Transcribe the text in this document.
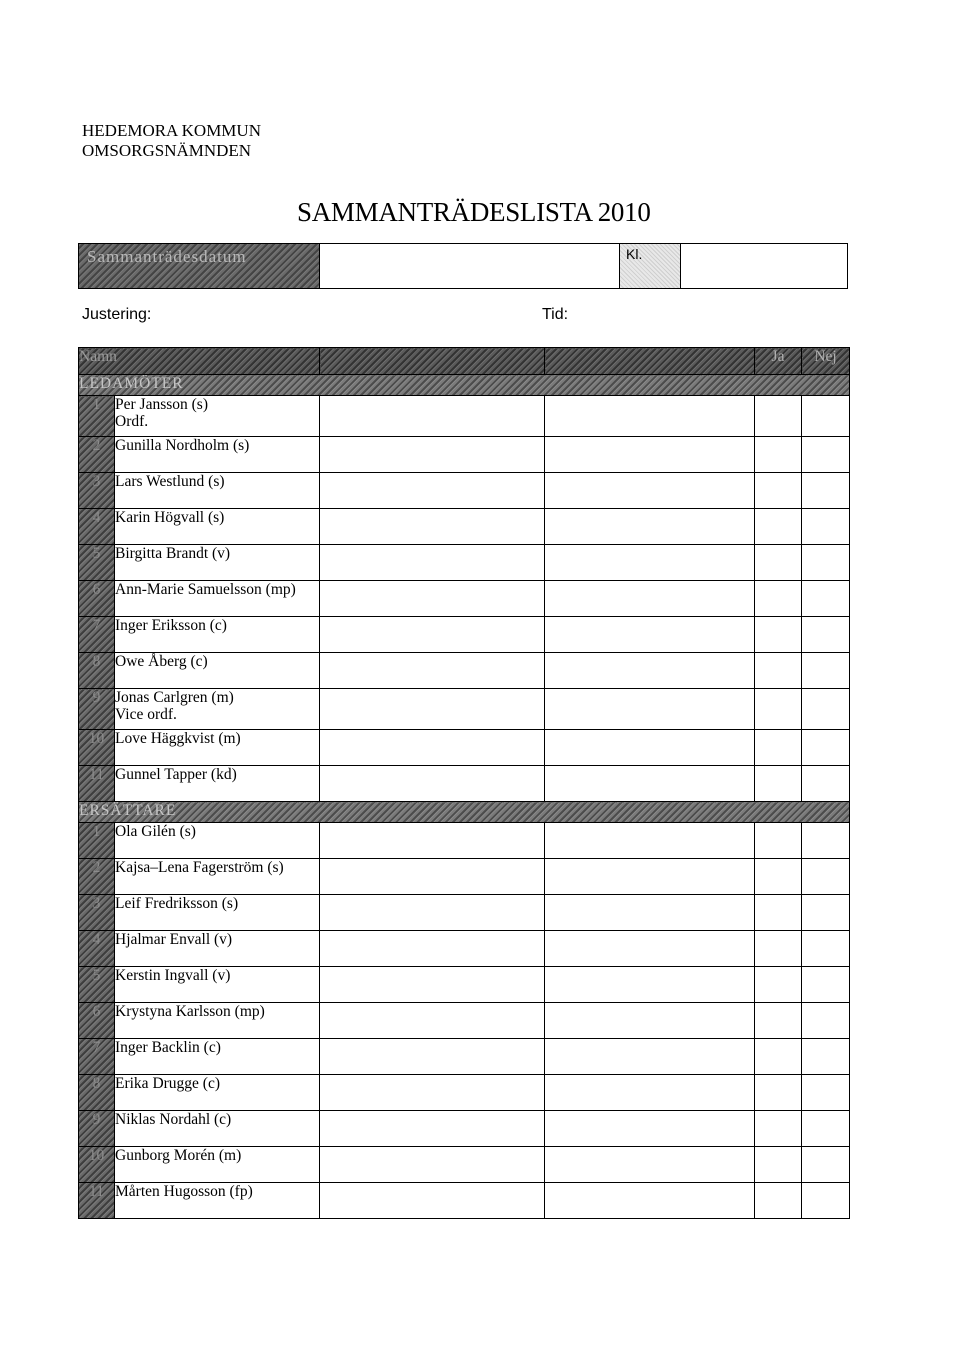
HEDEMORA KOMMUN
OMSORGSNÄMNDEN
SAMMANTRÄDESLISTA 2010
Sammanträdesdatum	Kl.
Justering:	Tid:
Namn				Ja	Nej
LEDAMÖTER					
1	Per Jansson (s)
Ordf.				

2	Gunilla Nordholm (s)				

3	Lars Westlund (s)				

4	Karin Högvall (s)				

5	Birgitta Brandt (v)				

6	Ann-Marie Samuelsson (mp)				

7	Inger Eriksson (c)				

8	Owe Åberg (c)				

9	Jonas Carlgren (m)
Vice ordf.				

10	Love Häggkvist (m)				

11	Gunnel Tapper (kd)				

ERSÄTTARE					
1	Ola Gilén (s)				

2	Kajsa–Lena Fagerström (s)				

3	Leif Fredriksson (s)				

4	Hjalmar Envall (v)				

5	Kerstin Ingvall (v)				

6	Krystyna Karlsson (mp)				

7	Inger Backlin (c)				

8	Erika Drugge (c)				

9	Niklas Nordahl (c)				

10	Gunborg Morén (m)				

11	Mårten Hugosson (fp)				
